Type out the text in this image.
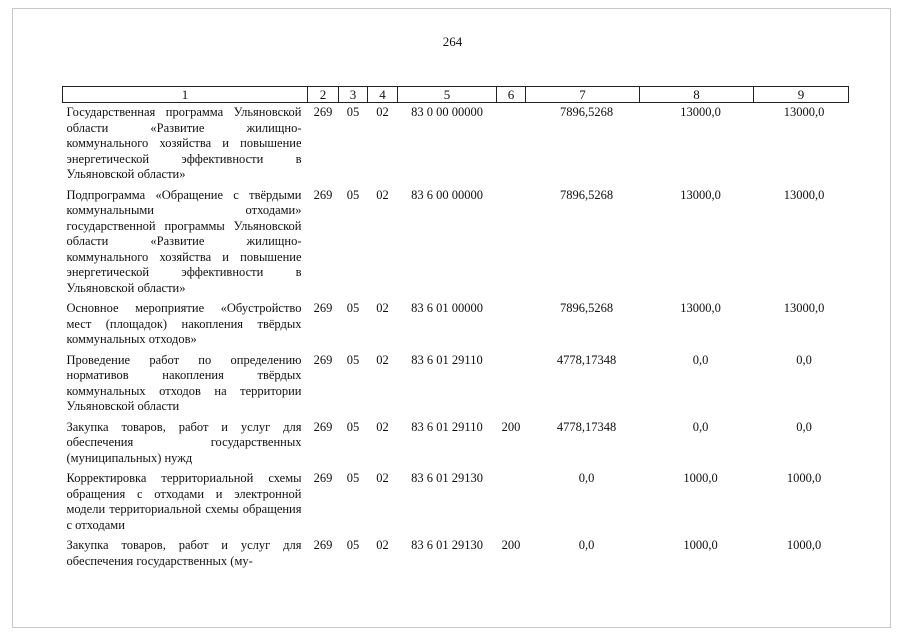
264
1	2	3	4	5	6	7	8	9
Государственная программа Ульяновской области «Развитие жилищно-коммунального хозяйства и повышение энергетической эффективности в Ульяновской области»	269	05	02	83 0 00 00000		7896,5268	13000,0	13000,0
Подпрограмма «Обращение с твёрдыми коммунальными отходами» государственной программы Ульяновской области «Развитие жилищно-коммунального хозяйства и повышение энергетической эффективности в Ульяновской области»	269	05	02	83 6 00 00000		7896,5268	13000,0	13000,0
Основное мероприятие «Обустройство мест (площадок) накопления твёрдых коммунальных отходов»	269	05	02	83 6 01 00000		7896,5268	13000,0	13000,0
Проведение работ по определению нормативов накопления твёрдых коммунальных отходов на территории Ульяновской области	269	05	02	83 6 01 29110		4778,17348	0,0	0,0
Закупка товаров, работ и услуг для обеспечения государственных (муниципальных) нужд	269	05	02	83 6 01 29110	200	4778,17348	0,0	0,0
Корректировка территориальной схемы обращения с отходами и электронной модели территориальной схемы обращения с отходами	269	05	02	83 6 01 29130		0,0	1000,0	1000,0
Закупка товаров, работ и услуг для обеспечения государственных (му-	269	05	02	83 6 01 29130	200	0,0	1000,0	1000,0
